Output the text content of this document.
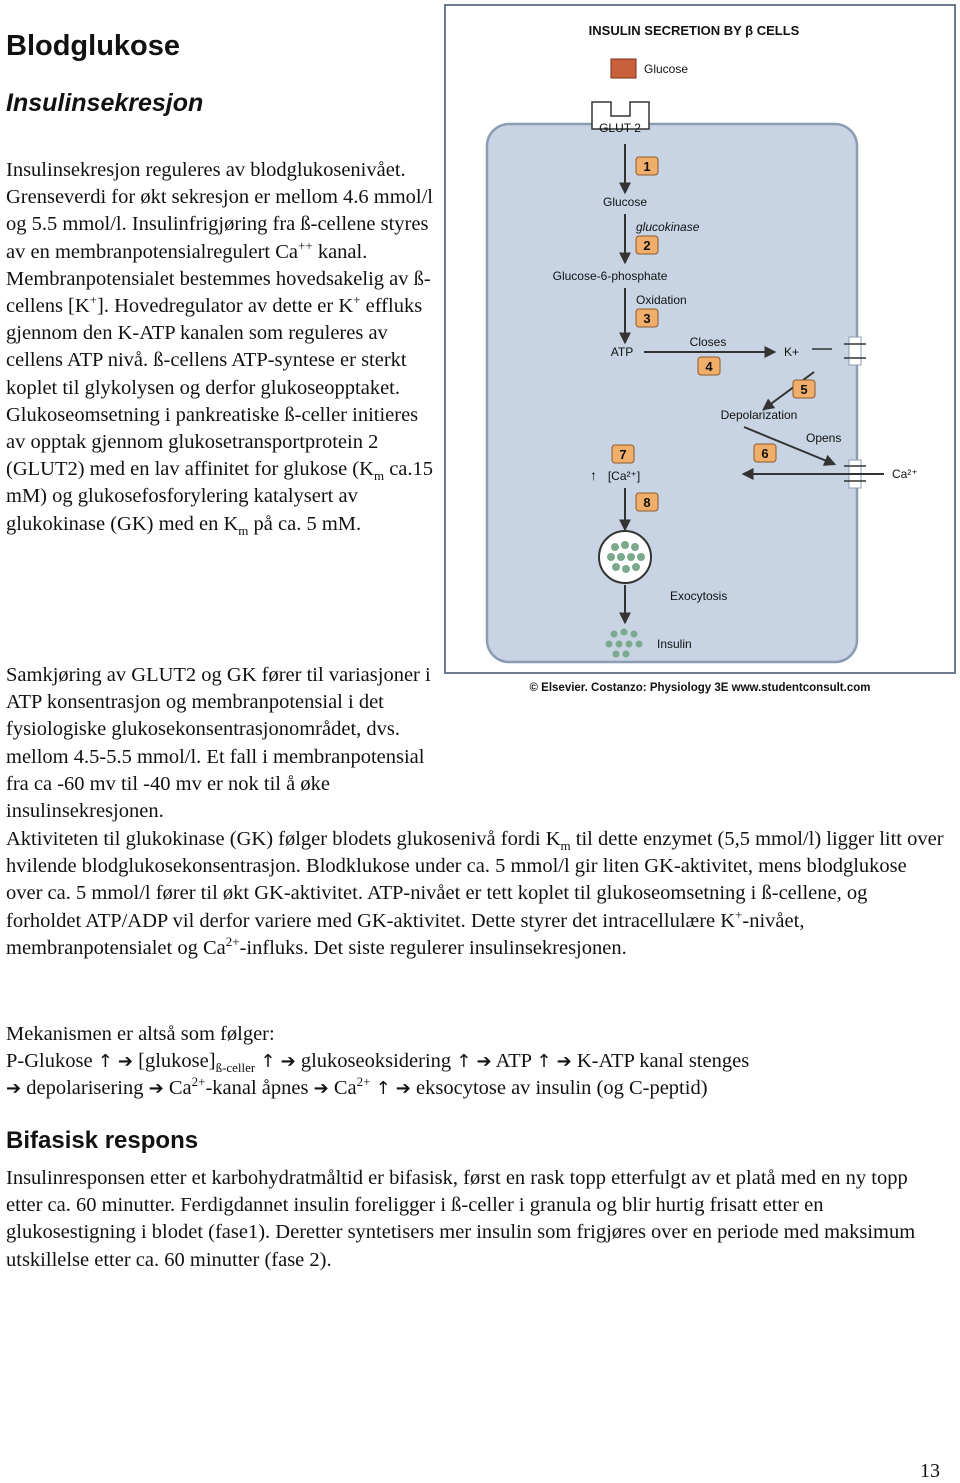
Blodglukose
Insulinsekresjon

Insulinsekresjon reguleres av blodglukosenivået. Grenseverdi for økt sekresjon er mellom 4.6 mmol/l og 5.5 mmol/l. Insulinfrigjøring fra ß-cellene styres av en membranpotensialregulert Ca++ kanal. Membranpotensialet bestemmes hovedsakelig av ß-cellens [K+]. Hovedregulator av dette er K+ effluks gjennom den K-ATP kanalen som reguleres av cellens ATP nivå. ß-cellens ATP-syntese er sterkt koplet til glykolysen og derfor glukoseopptaket. Glukoseomsetning i pankreatiske ß-celler initieres av opptak gjennom glukosetransportprotein 2 (GLUT2) med en lav affinitet for glukose ($K_m$ ca.15 mM) og glukosefosforylering katalysert av glukokinase (GK) med en $K_m$ på ca. 5 mM.

Samkjøring av GLUT2 og GK fører til variasjoner i ATP konsentrasjon og membranpotensial i det fysiologiske glukosekonsentrasjonområdet, dvs. mellom 4.5-5.5 mmol/l. Et fall i membranpotensial fra ca -60 mv til -40 mv er nok til å øke insulinsekresjonen.

Aktiviteten til glukokinase (GK) følger blodets glukosenivå fordi $K_m$ til dette enzymet (5,5 mmol/l) ligger litt over hvilende blodglukosekonsentrasjon. Blodklukose under ca. 5 mmol/l gir liten GK-aktivitet, mens blodglukose over ca. 5 mmol/l fører til økt GK-aktivitet. ATP-nivået er tett koplet til glukoseomsetning i ß-cellene, og forholdet ATP/ADP vil derfor variere med GK-aktivitet. Dette styrer det intracellulære K+-nivået, membranpotensialet og $Ca^{2+}$-influks. Det siste regulerer insulinsekresjonen.

Mekanismen er altså som følger:
P-Glukose ↑ ➔ $[glukose]_{ß-celler}$ ↑ ➔ glukoseoksidering ↑ ➔ ATP ↑ ➔ K-ATP kanal stenges
➔ depolarisering ➔ $Ca^{2+}$-kanal åpnes ➔ $Ca^{2+}$ ↑ ➔ eksocytose av insulin (og C-peptid)

Bifasisk respons

Insulinresponsen etter et karbohydratmåltid er bifasisk, først en rask topp etterfulgt av et platå med en ny topp etter ca. 60 minutter. Ferdigdannet insulin foreligger i ß-celler i granula og blir hurtig frisatt etter en glukosestigning i blodet (fase1). Deretter syntetisers mer insulin som frigjøres over en periode med maksimum utskillelse etter ca. 60 minutter (fase 2).

13
INSULIN SECRETION BY β CELLS
GLUT 2
Glucose
Glucose
glucokinase
Glucose-6-phosphate
Oxidation
ATP
Closes
K+
Depolarization
Opens
Ca²⁺
[Ca²⁺]
↑
Exocytosis
Insulin
1
2
3
4
5
6
7
8
© Elsevier. Costanzo: Physiology 3E www.studentconsult.com
